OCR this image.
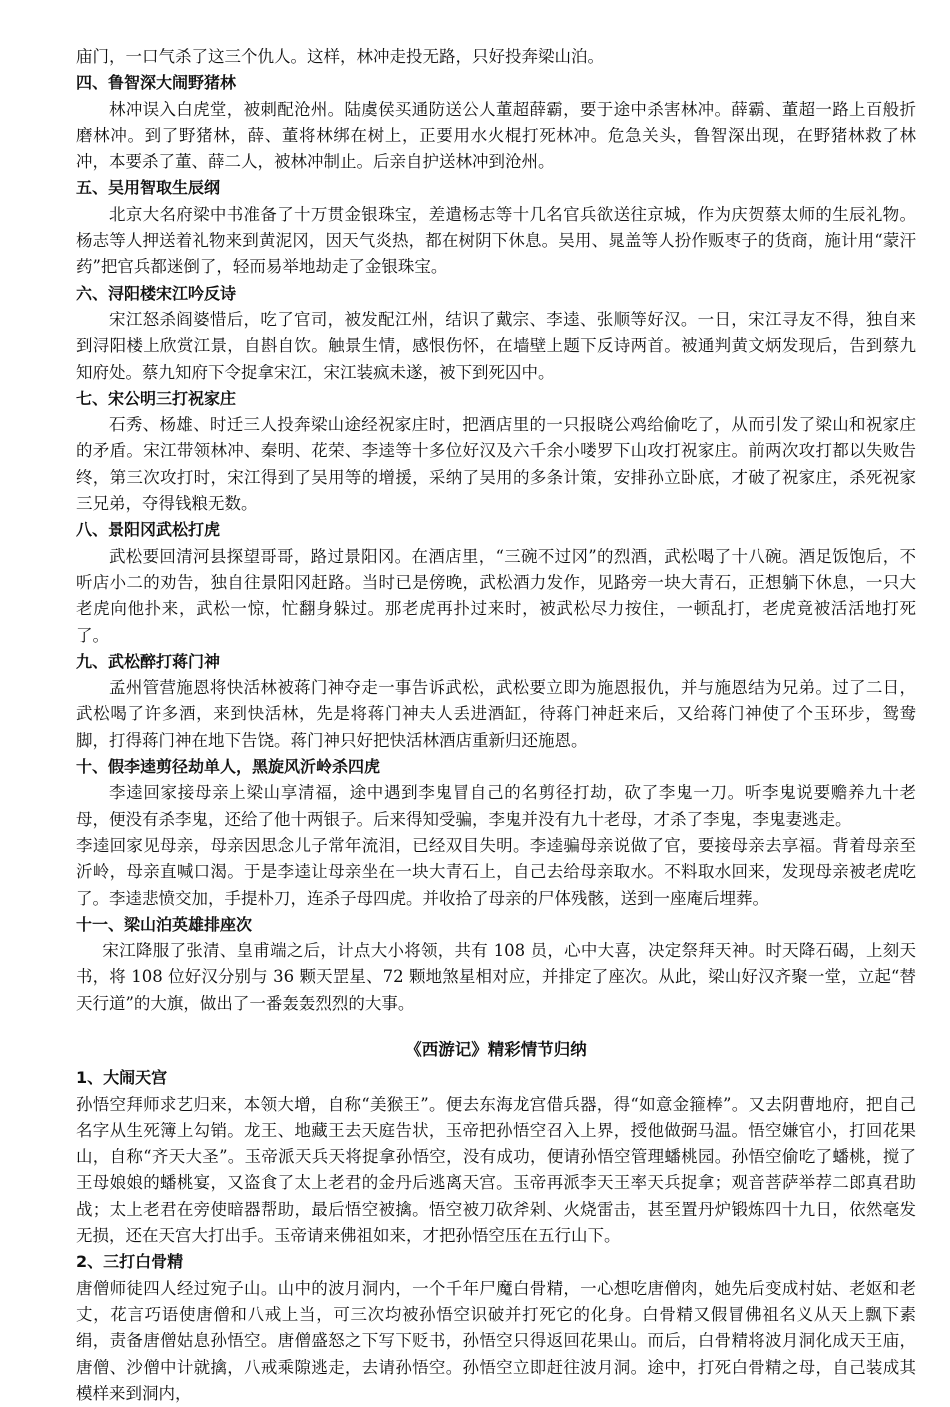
庙门，一口气杀了这三个仇人。这样，林冲走投无路，只好投奔梁山泊。

四、鲁智深大闹野猪林

林冲误入白虎堂，被刺配沧州。陆虞侯买通防送公人董超薛霸，要于途中杀害林冲。薛霸、董超一路上百般折磨林冲。到了野猪林，薛、董将林绑在树上，正要用水火棍打死林冲。危急关头，鲁智深出现，在野猪林救了林冲，本要杀了董、薛二人，被林冲制止。后亲自护送林冲到沧州。

五、吴用智取生辰纲

北京大名府梁中书准备了十万贯金银珠宝，差遣杨志等十几名官兵欲送往京城，作为庆贺蔡太师的生辰礼物。杨志等人押送着礼物来到黄泥冈，因天气炎热，都在树阴下休息。吴用、晁盖等人扮作贩枣子的货商，施计用“蒙汗药”把官兵都迷倒了，轻而易举地劫走了金银珠宝。

六、浔阳楼宋江吟反诗

宋江怒杀阎婆惜后，吃了官司，被发配江州，结识了戴宗、李逵、张顺等好汉。一日，宋江寻友不得，独自来到浔阳楼上欣赏江景，自斟自饮。触景生情，感恨伤怀，在墙壁上题下反诗两首。被通判黄文炳发现后，告到蔡九知府处。蔡九知府下令捉拿宋江，宋江装疯未遂，被下到死囚中。

七、宋公明三打祝家庄

石秀、杨雄、时迁三人投奔梁山途经祝家庄时，把酒店里的一只报晓公鸡给偷吃了，从而引发了梁山和祝家庄的矛盾。宋江带领林冲、秦明、花荣、李逵等十多位好汉及六千余小喽罗下山攻打祝家庄。前两次攻打都以失败告终，第三次攻打时，宋江得到了吴用等的增援，采纳了吴用的多条计策，安排孙立卧底，才破了祝家庄，杀死祝家三兄弟，夺得钱粮无数。

八、景阳冈武松打虎

武松要回清河县探望哥哥，路过景阳冈。在酒店里，“三碗不过冈”的烈酒，武松喝了十八碗。酒足饭饱后，不听店小二的劝告，独自往景阳冈赶路。当时已是傍晚，武松酒力发作，见路旁一块大青石，正想躺下休息，一只大老虎向他扑来，武松一惊，忙翻身躲过。那老虎再扑过来时，被武松尽力按住，一顿乱打，老虎竟被活活地打死了。

九、武松醉打蒋门神

孟州管营施恩将快活林被蒋门神夺走一事告诉武松，武松要立即为施恩报仇，并与施恩结为兄弟。过了二日，武松喝了许多酒，来到快活林，先是将蒋门神夫人丢进酒缸，待蒋门神赶来后，又给蒋门神使了个玉环步，鸳鸯脚，打得蒋门神在地下告饶。蒋门神只好把快活林酒店重新归还施恩。

十、假李逵剪径劫单人，黑旋风沂岭杀四虎

李逵回家接母亲上梁山享清福，途中遇到李鬼冒自己的名剪径打劫，砍了李鬼一刀。听李鬼说要赡养九十老母，便没有杀李鬼，还给了他十两银子。后来得知受骗，李鬼并没有九十老母，才杀了李鬼，李鬼妻逃走。

李逵回家见母亲，母亲因思念儿子常年流泪，已经双目失明。李逵骗母亲说做了官，要接母亲去享福。背着母亲至沂岭，母亲直喊口渴。于是李逵让母亲坐在一块大青石上，自己去给母亲取水。不料取水回来，发现母亲被老虎吃了。李逵悲愤交加，手提朴刀，连杀子母四虎。并收拾了母亲的尸体残骸，送到一座庵后埋葬。

十一、梁山泊英雄排座次

宋江降服了张清、皇甫端之后，计点大小将领，共有 108 员，心中大喜，决定祭拜天神。时天降石碣，上刻天书，将 108 位好汉分别与 36 颗天罡星、72 颗地煞星相对应，并排定了座次。从此，梁山好汉齐聚一堂，立起“替天行道”的大旗，做出了一番轰轰烈烈的大事。

《西游记》精彩情节归纳

1、大闹天宫

孙悟空拜师求艺归来，本领大增，自称“美猴王”。便去东海龙宫借兵器，得“如意金箍棒”。又去阴曹地府，把自己名字从生死簿上勾销。龙王、地藏王去天庭告状，玉帝把孙悟空召入上界，授他做弼马温。悟空嫌官小，打回花果山，自称“齐天大圣”。玉帝派天兵天将捉拿孙悟空，没有成功，便请孙悟空管理蟠桃园。孙悟空偷吃了蟠桃，搅了王母娘娘的蟠桃宴，又盗食了太上老君的金丹后逃离天宫。玉帝再派李天王率天兵捉拿；观音菩萨举荐二郎真君助战；太上老君在旁使暗器帮助，最后悟空被擒。悟空被刀砍斧剁、火烧雷击，甚至置丹炉锻炼四十九日，依然毫发无损，还在天宫大打出手。玉帝请来佛祖如来，才把孙悟空压在五行山下。

2、三打白骨精

唐僧师徒四人经过宛子山。山中的波月洞内，一个千年尸魔白骨精，一心想吃唐僧肉，她先后变成村姑、老妪和老丈，花言巧语使唐僧和八戒上当，可三次均被孙悟空识破并打死它的化身。白骨精又假冒佛祖名义从天上飘下素绢，责备唐僧姑息孙悟空。唐僧盛怒之下写下贬书，孙悟空只得返回花果山。而后，白骨精将波月洞化成天王庙，唐僧、沙僧中计就擒，八戒乘隙逃走，去请孙悟空。孙悟空立即赶往波月洞。途中，打死白骨精之母，自己装成其模样来到洞内，
